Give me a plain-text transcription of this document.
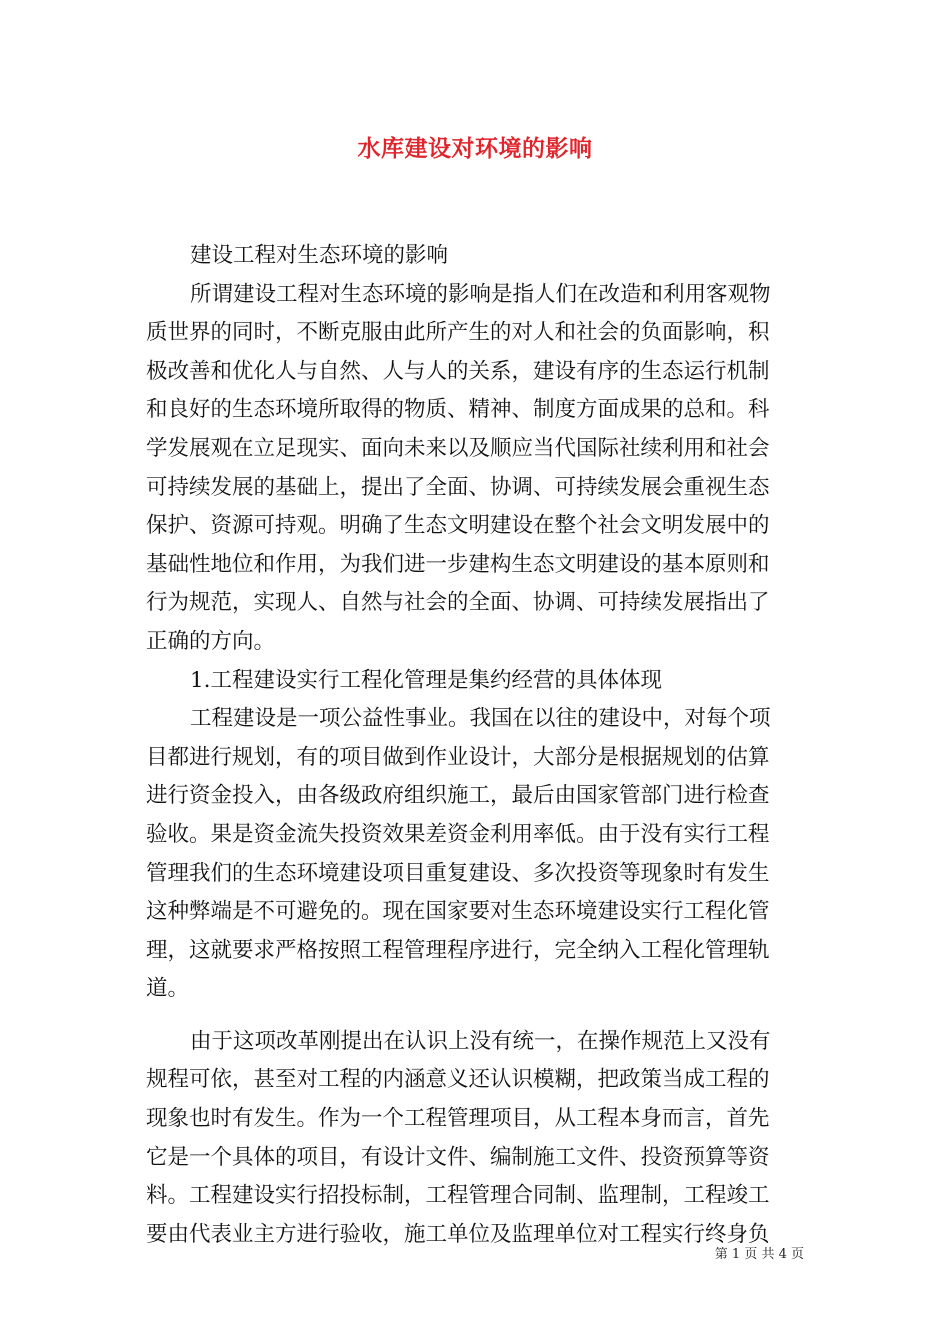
水库建设对环境的影响
建设工程对生态环境的影响
所谓建设工程对生态环境的影响是指人们在改造和利用客观物
质世界的同时，不断克服由此所产生的对人和社会的负面影响，积
极改善和优化人与自然、人与人的关系，建设有序的生态运行机制
和良好的生态环境所取得的物质、精神、制度方面成果的总和。科
学发展观在立足现实、面向未来以及顺应当代国际社续利用和社会
可持续发展的基础上，提出了全面、协调、可持续发展会重视生态
保护、资源可持观。明确了生态文明建设在整个社会文明发展中的
基础性地位和作用，为我们进一步建构生态文明建设的基本原则和
行为规范，实现人、自然与社会的全面、协调、可持续发展指出了
正确的方向。
1.工程建设实行工程化管理是集约经营的具体体现
工程建设是一项公益性事业。我国在以往的建设中，对每个项
目都进行规划，有的项目做到作业设计，大部分是根据规划的估算
进行资金投入，由各级政府组织施工，最后由国家管部门进行检查
验收。果是资金流失投资效果差资金利用率低。由于没有实行工程
管理我们的生态环境建设项目重复建设、多次投资等现象时有发生
这种弊端是不可避免的。现在国家要对生态环境建设实行工程化管
理，这就要求严格按照工程管理程序进行，完全纳入工程化管理轨
道。
由于这项改革刚提出在认识上没有统一，在操作规范上又没有
规程可依，甚至对工程的内涵意义还认识模糊，把政策当成工程的
现象也时有发生。作为一个工程管理项目，从工程本身而言，首先
它是一个具体的项目，有设计文件、编制施工文件、投资预算等资
料。工程建设实行招投标制，工程管理合同制、监理制，工程竣工
要由代表业主方进行验收，施工单位及监理单位对工程实行终身负
第 1 页 共 4 页
